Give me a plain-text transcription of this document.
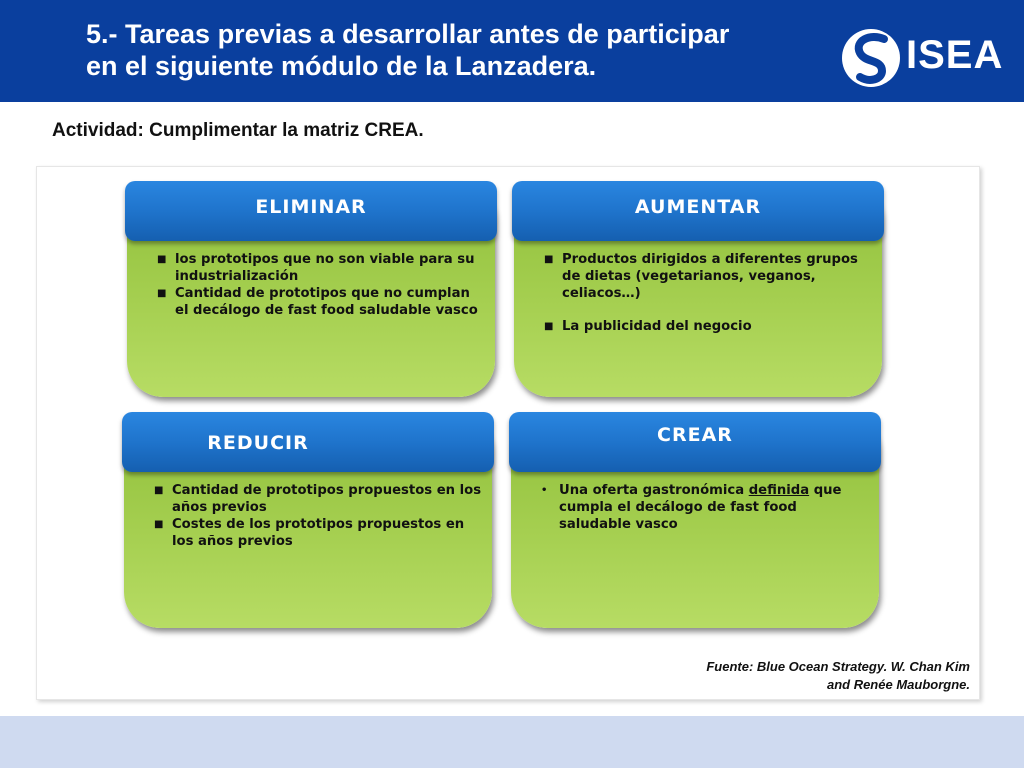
5.- Tareas previas a desarrollar antes de participar
en el siguiente módulo de la Lanzadera.	ISEA
Actividad: Cumplimentar la matriz CREA.
ELIMINAR
■ los prototipos que no son viable para su industrialización
■ Cantidad de prototipos que no cumplan el decálogo de fast food saludable vasco
AUMENTAR
■ Productos dirigidos a diferentes grupos de dietas (vegetarianos, veganos, celiacos…)
■ La publicidad del negocio
REDUCIR
■ Cantidad de prototipos propuestos en los años previos
■ Costes de los prototipos propuestos en los años previos
CREAR
• Una oferta gastronómica definida que cumpla el decálogo de fast food saludable vasco
Fuente: Blue Ocean Strategy. W. Chan Kim
and Renée Mauborgne.
